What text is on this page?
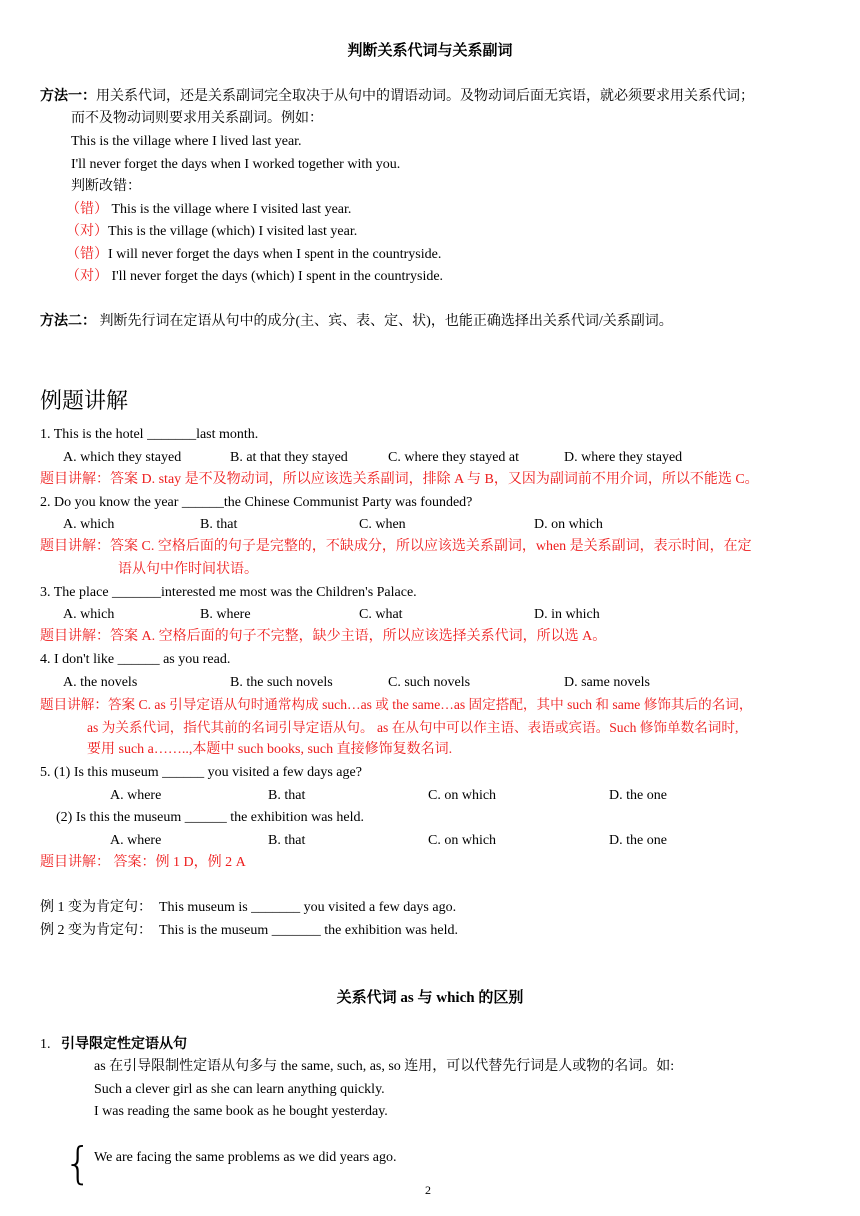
判断关系代词与关系副词
方法一：用关系代词，还是关系副词完全取决于从句中的谓语动词。及物动词后面无宾语，就必须要求用关系代词；
而不及物动词则要求用关系副词。例如：
This is the village where I lived last year.
I'll never forget the days when I worked together with you.
判断改错：
（错） This is the village where I visited last year.
（对）This is the village (which) I visited last year.
（错）I will never forget the days when I spent in the countryside.
（对） I'll never forget the days (which) I spent in the countryside.
方法二： 判断先行词在定语从句中的成分(主、宾、表、定、状)，也能正确选择出关系代词/关系副词。
例题讲解
1. This is the hotel _______last month.
A. which they stayed	B. at that they stayed	C. where they stayed at	D. where they stayed
题目讲解：答案 D. stay 是不及物动词，所以应该选关系副词，排除 A 与 B，又因为副词前不用介词，所以不能选 C。
2. Do you know the year ______the Chinese Communist Party was founded?
A. which	B. that	C. when	D. on which
题目讲解：答案 C. 空格后面的句子是完整的，不缺成分，所以应该选关系副词，when 是关系副词，表示时间，在定
语从句中作时间状语。
3. The place _______interested me most was the Children's Palace.
A. which	B. where	C. what	D. in which
题目讲解：答案 A. 空格后面的句子不完整，缺少主语，所以应该选择关系代词，所以选 A。
4. I don't like ______ as you read.
A. the novels	B. the such novels	C. such novels	D. same novels
题目讲解：答案 C. as 引导定语从句时通常构成 such…as 或 the same…as 固定搭配，其中 such 和 same 修饰其后的名词，
as 为关系代词，指代其前的名词引导定语从句。 as 在从句中可以作主语、表语或宾语。Such 修饰单数名词时,
要用 such a……..,本题中 such books, such 直接修饰复数名词.
5. (1) Is this museum ______ you visited a few days age?
A. where	B. that	C. on which	D. the one
(2) Is this the museum ______ the exhibition was held.
A. where	B. that	C. on which	D. the one
题目讲解： 答案：例 1 D，例 2 A
例 1 变为肯定句： This museum is _______ you visited a few days ago.
例 2 变为肯定句： This is the museum _______ the exhibition was held.
关系代词 as 与 which 的区别
1. 引导限定性定语从句
as 在引导限制性定语从句多与 the same, such, as, so 连用，可以代替先行词是人或物的名词。如:
Such a clever girl as she can learn anything quickly.
I was reading the same book as he bought yesterday.
{ We are facing the same problems as we did years ago.
2
